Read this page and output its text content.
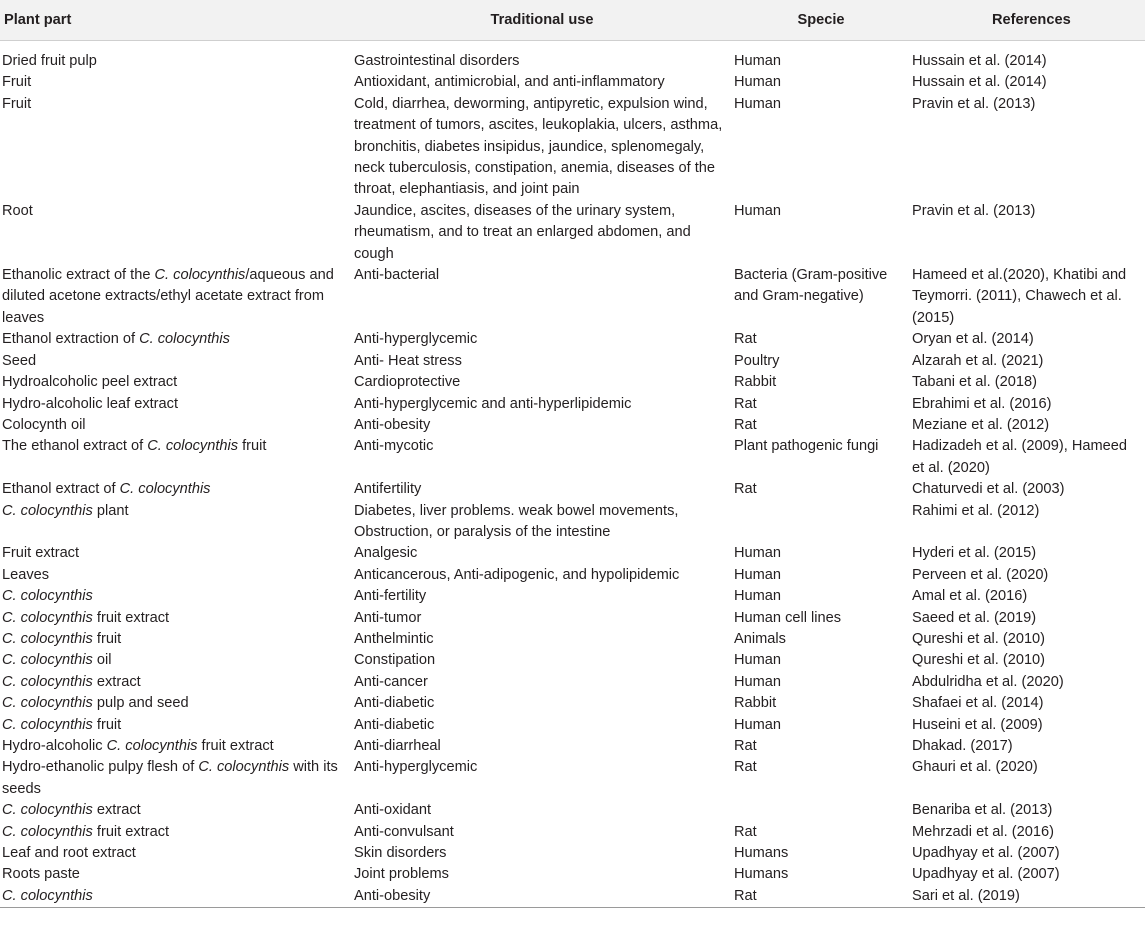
Plant part	Traditional use	Specie	References
Dried fruit pulp	Gastrointestinal disorders	Human	Hussain et al. (2014)
Fruit	Antioxidant, antimicrobial, and anti-inflammatory	Human	Hussain et al. (2014)
Fruit	Cold, diarrhea, deworming, antipyretic, expulsion wind, treatment of tumors, ascites, leukoplakia, ulcers, asthma, bronchitis, diabetes insipidus, jaundice, splenomegaly, neck tuberculosis, constipation, anemia, diseases of the throat, elephantiasis, and joint pain	Human	Pravin et al. (2013)
Root	Jaundice, ascites, diseases of the urinary system, rheumatism, and to treat an enlarged abdomen, and cough	Human	Pravin et al. (2013)
Ethanolic extract of the C. colocynthis/aqueous and diluted acetone extracts/ethyl acetate extract from leaves	Anti-bacterial	Bacteria (Gram-positive and Gram-negative)	Hameed et al.(2020), Khatibi and Teymorri. (2011), Chawech et al. (2015)
Ethanol extraction of C. colocynthis	Anti-hyperglycemic	Rat	Oryan et al. (2014)
Seed	Anti- Heat stress	Poultry	Alzarah et al. (2021)
Hydroalcoholic peel extract	Cardioprotective	Rabbit	Tabani et al. (2018)
Hydro-alcoholic leaf extract	Anti-hyperglycemic and anti-hyperlipidemic	Rat	Ebrahimi et al. (2016)
Colocynth oil	Anti-obesity	Rat	Meziane et al. (2012)
The ethanol extract of C. colocynthis fruit	Anti-mycotic	Plant pathogenic fungi	Hadizadeh et al. (2009), Hameed et al. (2020)
Ethanol extract of C. colocynthis	Antifertility	Rat	Chaturvedi et al. (2003)
C. colocynthis plant	Diabetes, liver problems. weak bowel movements, Obstruction, or paralysis of the intestine		Rahimi et al. (2012)
Fruit extract	Analgesic	Human	Hyderi et al. (2015)
Leaves	Anticancerous, Anti-adipogenic, and hypolipidemic	Human	Perveen et al. (2020)
C. colocynthis	Anti-fertility	Human	Amal et al. (2016)
C. colocynthis fruit extract	Anti-tumor	Human cell lines	Saeed et al. (2019)
C. colocynthis fruit	Anthelmintic	Animals	Qureshi et al. (2010)
C. colocynthis oil	Constipation	Human	Qureshi et al. (2010)
C. colocynthis extract	Anti-cancer	Human	Abdulridha et al. (2020)
C. colocynthis pulp and seed	Anti-diabetic	Rabbit	Shafaei et al. (2014)
C. colocynthis fruit	Anti-diabetic	Human	Huseini et al. (2009)
Hydro-alcoholic C. colocynthis fruit extract	Anti-diarrheal	Rat	Dhakad. (2017)
Hydro-ethanolic pulpy flesh of C. colocynthis with its seeds	Anti-hyperglycemic	Rat	Ghauri et al. (2020)
C. colocynthis extract	Anti-oxidant		Benariba et al. (2013)
C. colocynthis fruit extract	Anti-convulsant	Rat	Mehrzadi et al. (2016)
Leaf and root extract	Skin disorders	Humans	Upadhyay et al. (2007)
Roots paste	Joint problems	Humans	Upadhyay et al. (2007)
C. colocynthis	Anti-obesity	Rat	Sari et al. (2019)
